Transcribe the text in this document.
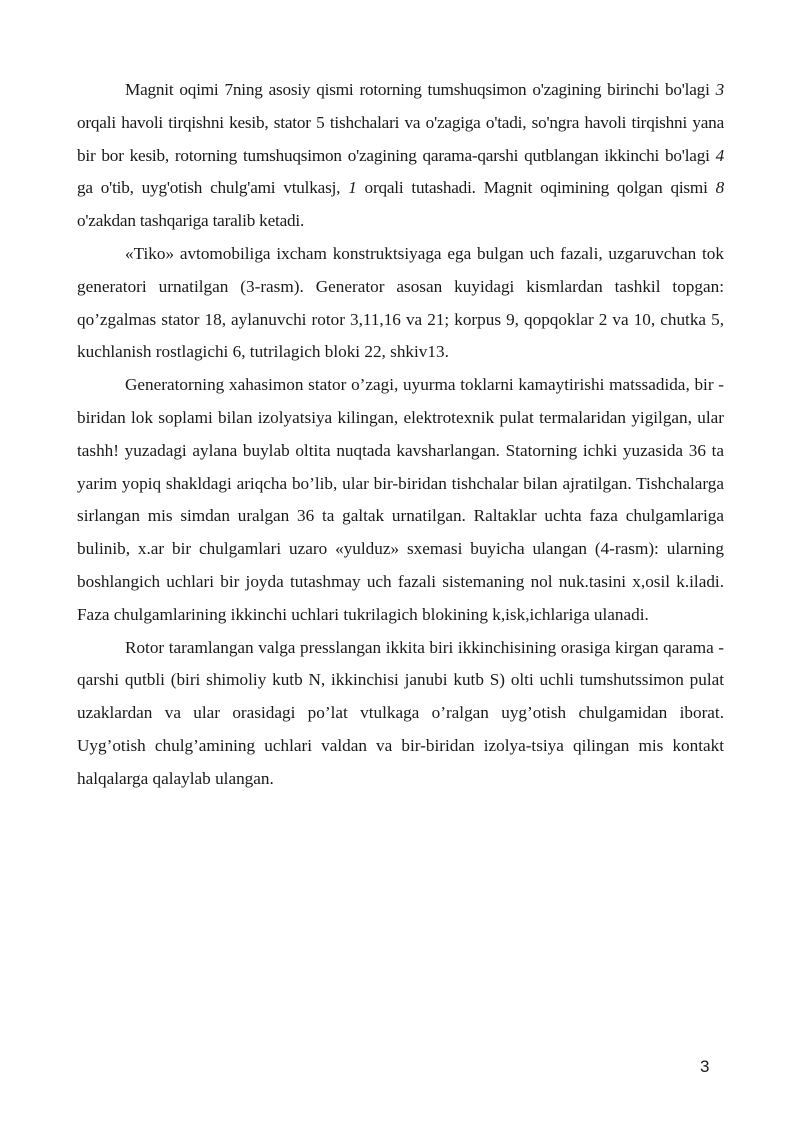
Magnit oqimi 7ning asosiy qismi rotorning tumshuqsimon o'zagining birinchi bo'lagi 3 orqali havoli tirqishni kesib, stator 5 tishchalari va o'zagiga o'tadi, so'ngra havoli tirqishni yana bir bor kesib, rotorning tumshuqsimon o'zagining qarama-qarshi qutblangan ikkinchi bo'lagi 4 ga o'tib, uyg'otish chulg'ami vtulkasj, 1 orqali tutashadi. Magnit oqimining qolgan qismi 8 o'zakdan tashqariga taralib ketadi.

«Tiko» avtomobiliga ixcham konstruktsiyaga ega bulgan uch fazali, uzgaruvchan tok generatori urnatilgan (3-rasm). Generator asosan kuyidagi kismlardan tashkil topgan: qo’zgalmas stator 18, aylanuvchi rotor 3,11,16 va 21; korpus 9, qopqoklar 2 va 10, chutka 5, kuchlanish rostlagichi 6, tutrilagich bloki 22, shkiv13.

Generatorning xahasimon stator o’zagi, uyurma toklarni kamaytirishi matssadida, bir - biridan lok soplami bilan izolyatsiya kilingan, elektrotexnik pulat termalaridan yigilgan, ular tashh! yuzadagi aylana buylab oltita nuqtada kavsharlangan. Statorning ichki yuzasida 36 ta yarim yopiq shakldagi ariqcha bo’lib, ular bir-biridan tishchalar bilan ajratilgan. Tishchalarga sirlangan mis simdan uralgan 36 ta galtak urnatilgan. Raltaklar uchta faza chulgamlariga bulinib, x.ar bir chulgamlari uzaro «yulduz» sxemasi buyicha ulangan (4-rasm): ularning boshlangich uchlari bir joyda tutashmay uch fazali sistemaning nol nuk.tasini x,osil k.iladi. Faza chulgamlarining ikkinchi uchlari tukrilagich blokining k,isk,ichlariga ulanadi.

Rotor taramlangan valga presslangan ikkita biri ikkinchisining orasiga kirgan qarama -qarshi qutbli (biri shimoliy kutb N, ikkinchisi janubi kutb S) olti uchli tumshutssimon pulat uzaklardan va ular orasidagi po’lat vtulkaga o’ralgan uyg’otish chulgamidan iborat. Uyg’otish chulg’amining uchlari valdan va bir-biridan izolya-tsiya qilingan mis kontakt halqalarga qalaylab ulangan.

3
